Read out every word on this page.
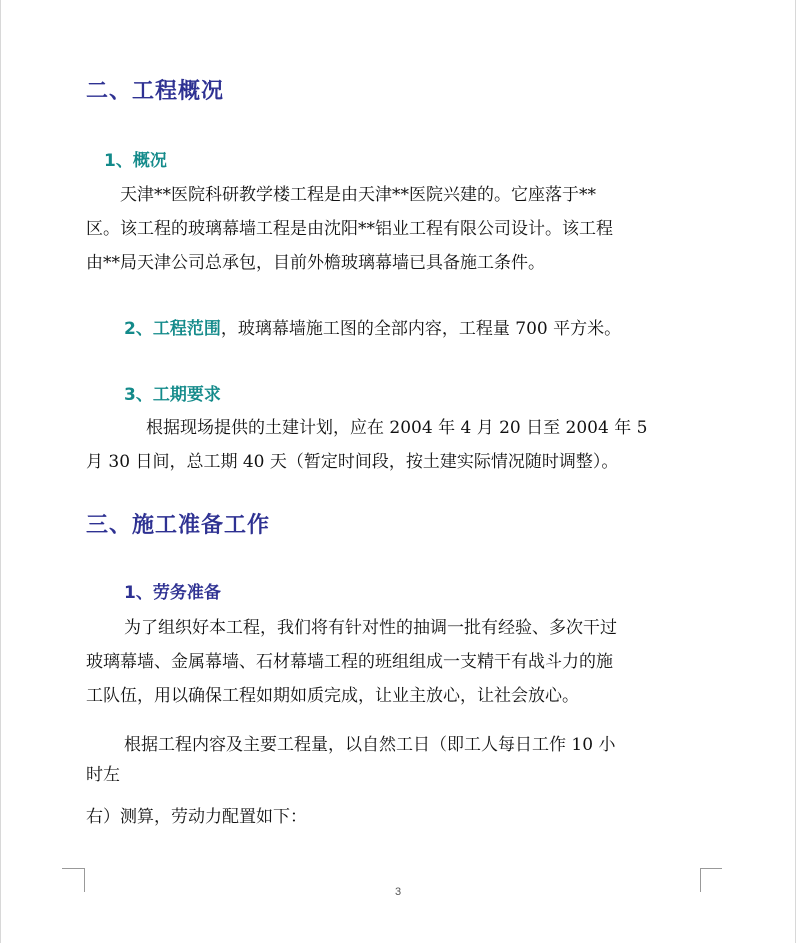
二、工程概况
1、概况
天津**医院科研教学楼工程是由天津**医院兴建的。它座落于**
区。该工程的玻璃幕墙工程是由沈阳**铝业工程有限公司设计。该工程
由**局天津公司总承包，目前外檐玻璃幕墙已具备施工条件。
2、工程范围，玻璃幕墙施工图的全部内容，工程量 700 平方米。
3、工期要求
根据现场提供的土建计划，应在 2004 年 4 月 20 日至 2004 年 5
月 30 日间，总工期 40 天（暂定时间段，按土建实际情况随时调整）。
三、施工准备工作
1、劳务准备
为了组织好本工程，我们将有针对性的抽调一批有经验、多次干过
玻璃幕墙、金属幕墙、石材幕墙工程的班组组成一支精干有战斗力的施
工队伍，用以确保工程如期如质完成，让业主放心，让社会放心。
根据工程内容及主要工程量，以自然工日（即工人每日工作 10 小
时左
右）测算，劳动力配置如下：
3
